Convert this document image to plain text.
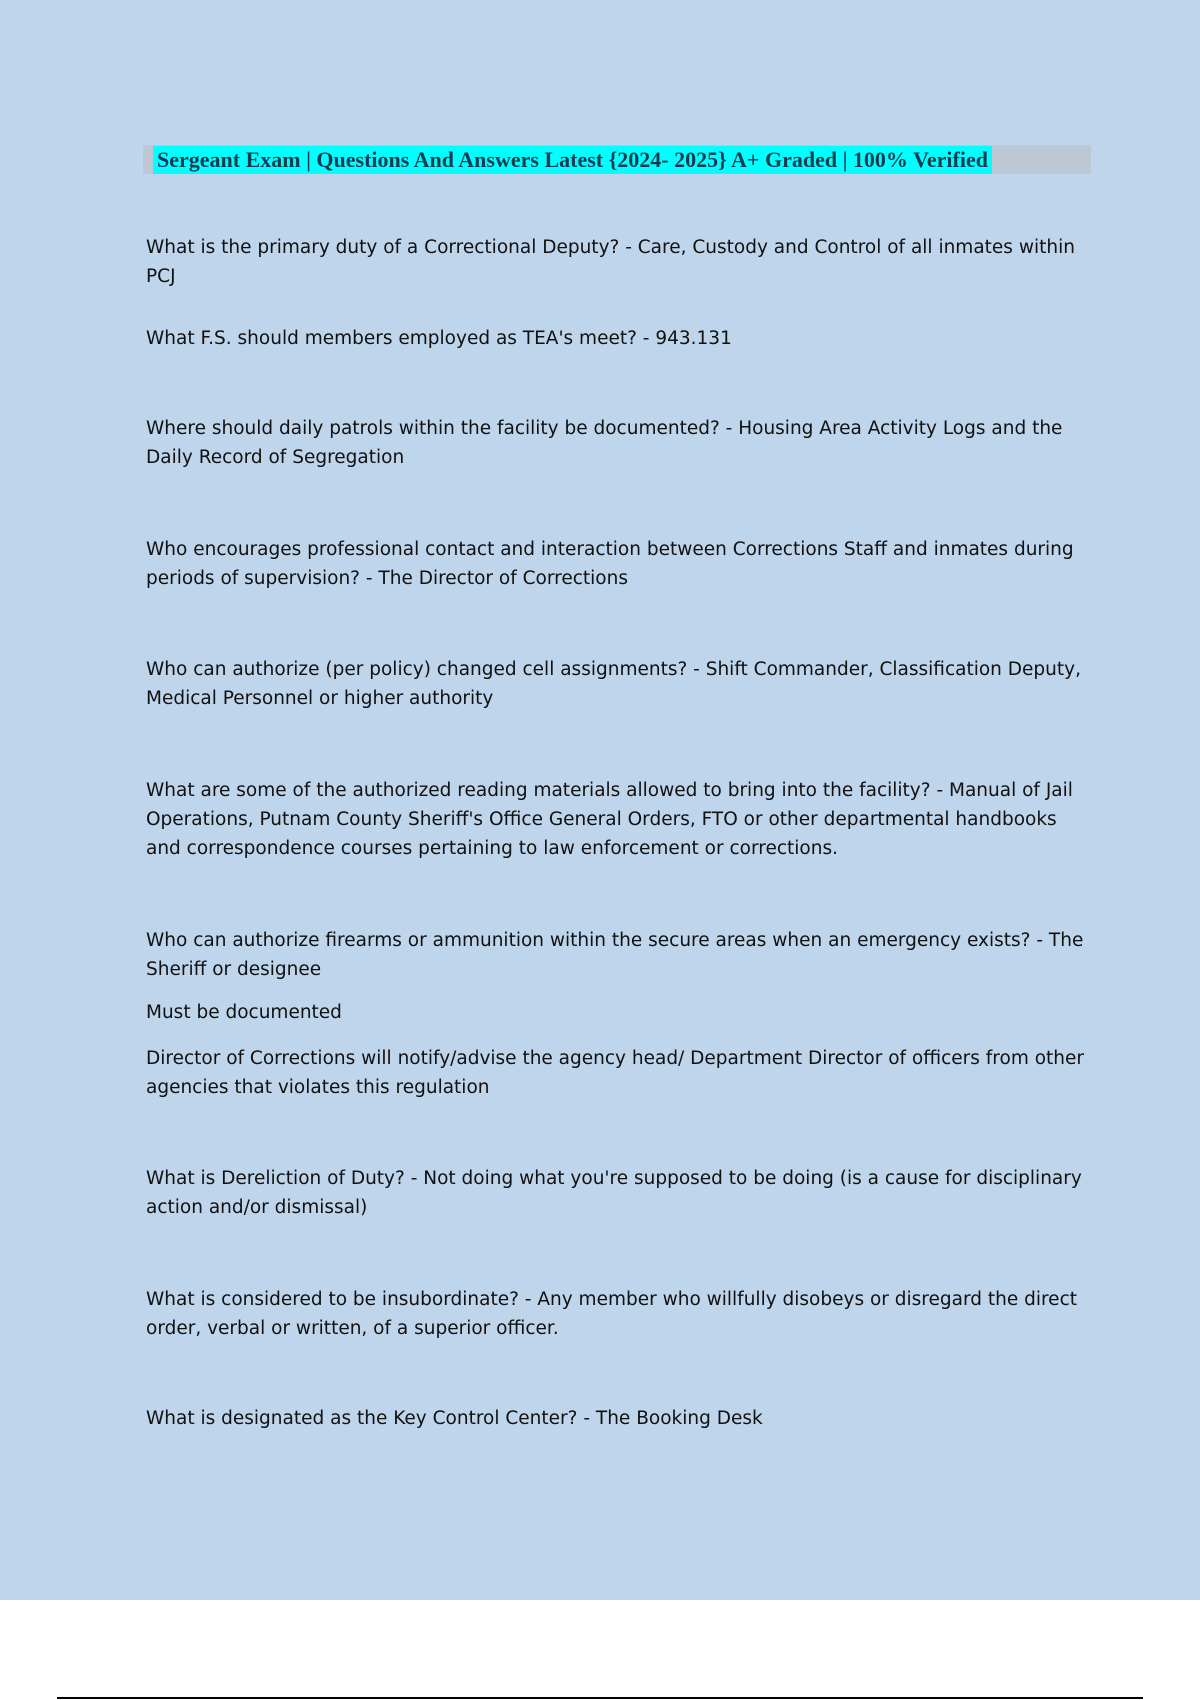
Sergeant Exam | Questions And Answers Latest {2024- 2025} A+ Graded | 100% Verified
What is the primary duty of a Correctional Deputy? - Care, Custody and Control of all inmates within PCJ
What F.S. should members employed as TEA's meet? - 943.131
Where should daily patrols within the facility be documented? - Housing Area Activity Logs and the Daily Record of Segregation
Who encourages professional contact and interaction between Corrections Staff and inmates during periods of supervision? - The Director of Corrections
Who can authorize (per policy) changed cell assignments? - Shift Commander, Classification Deputy, Medical Personnel or higher authority
What are some of the authorized reading materials allowed to bring into the facility? - Manual of Jail Operations, Putnam County Sheriff's Office General Orders, FTO or other departmental handbooks and correspondence courses pertaining to law enforcement or corrections.
Who can authorize firearms or ammunition within the secure areas when an emergency exists? - The Sheriff or designee
Must be documented
Director of Corrections will notify/advise the agency head/ Department Director of officers from other agencies that violates this regulation
What is Dereliction of Duty? - Not doing what you're supposed to be doing (is a cause for disciplinary action and/or dismissal)
What is considered to be insubordinate? - Any member who willfully disobeys or disregard the direct order, verbal or written, of a superior officer.
What is designated as the Key Control Center? - The Booking Desk
